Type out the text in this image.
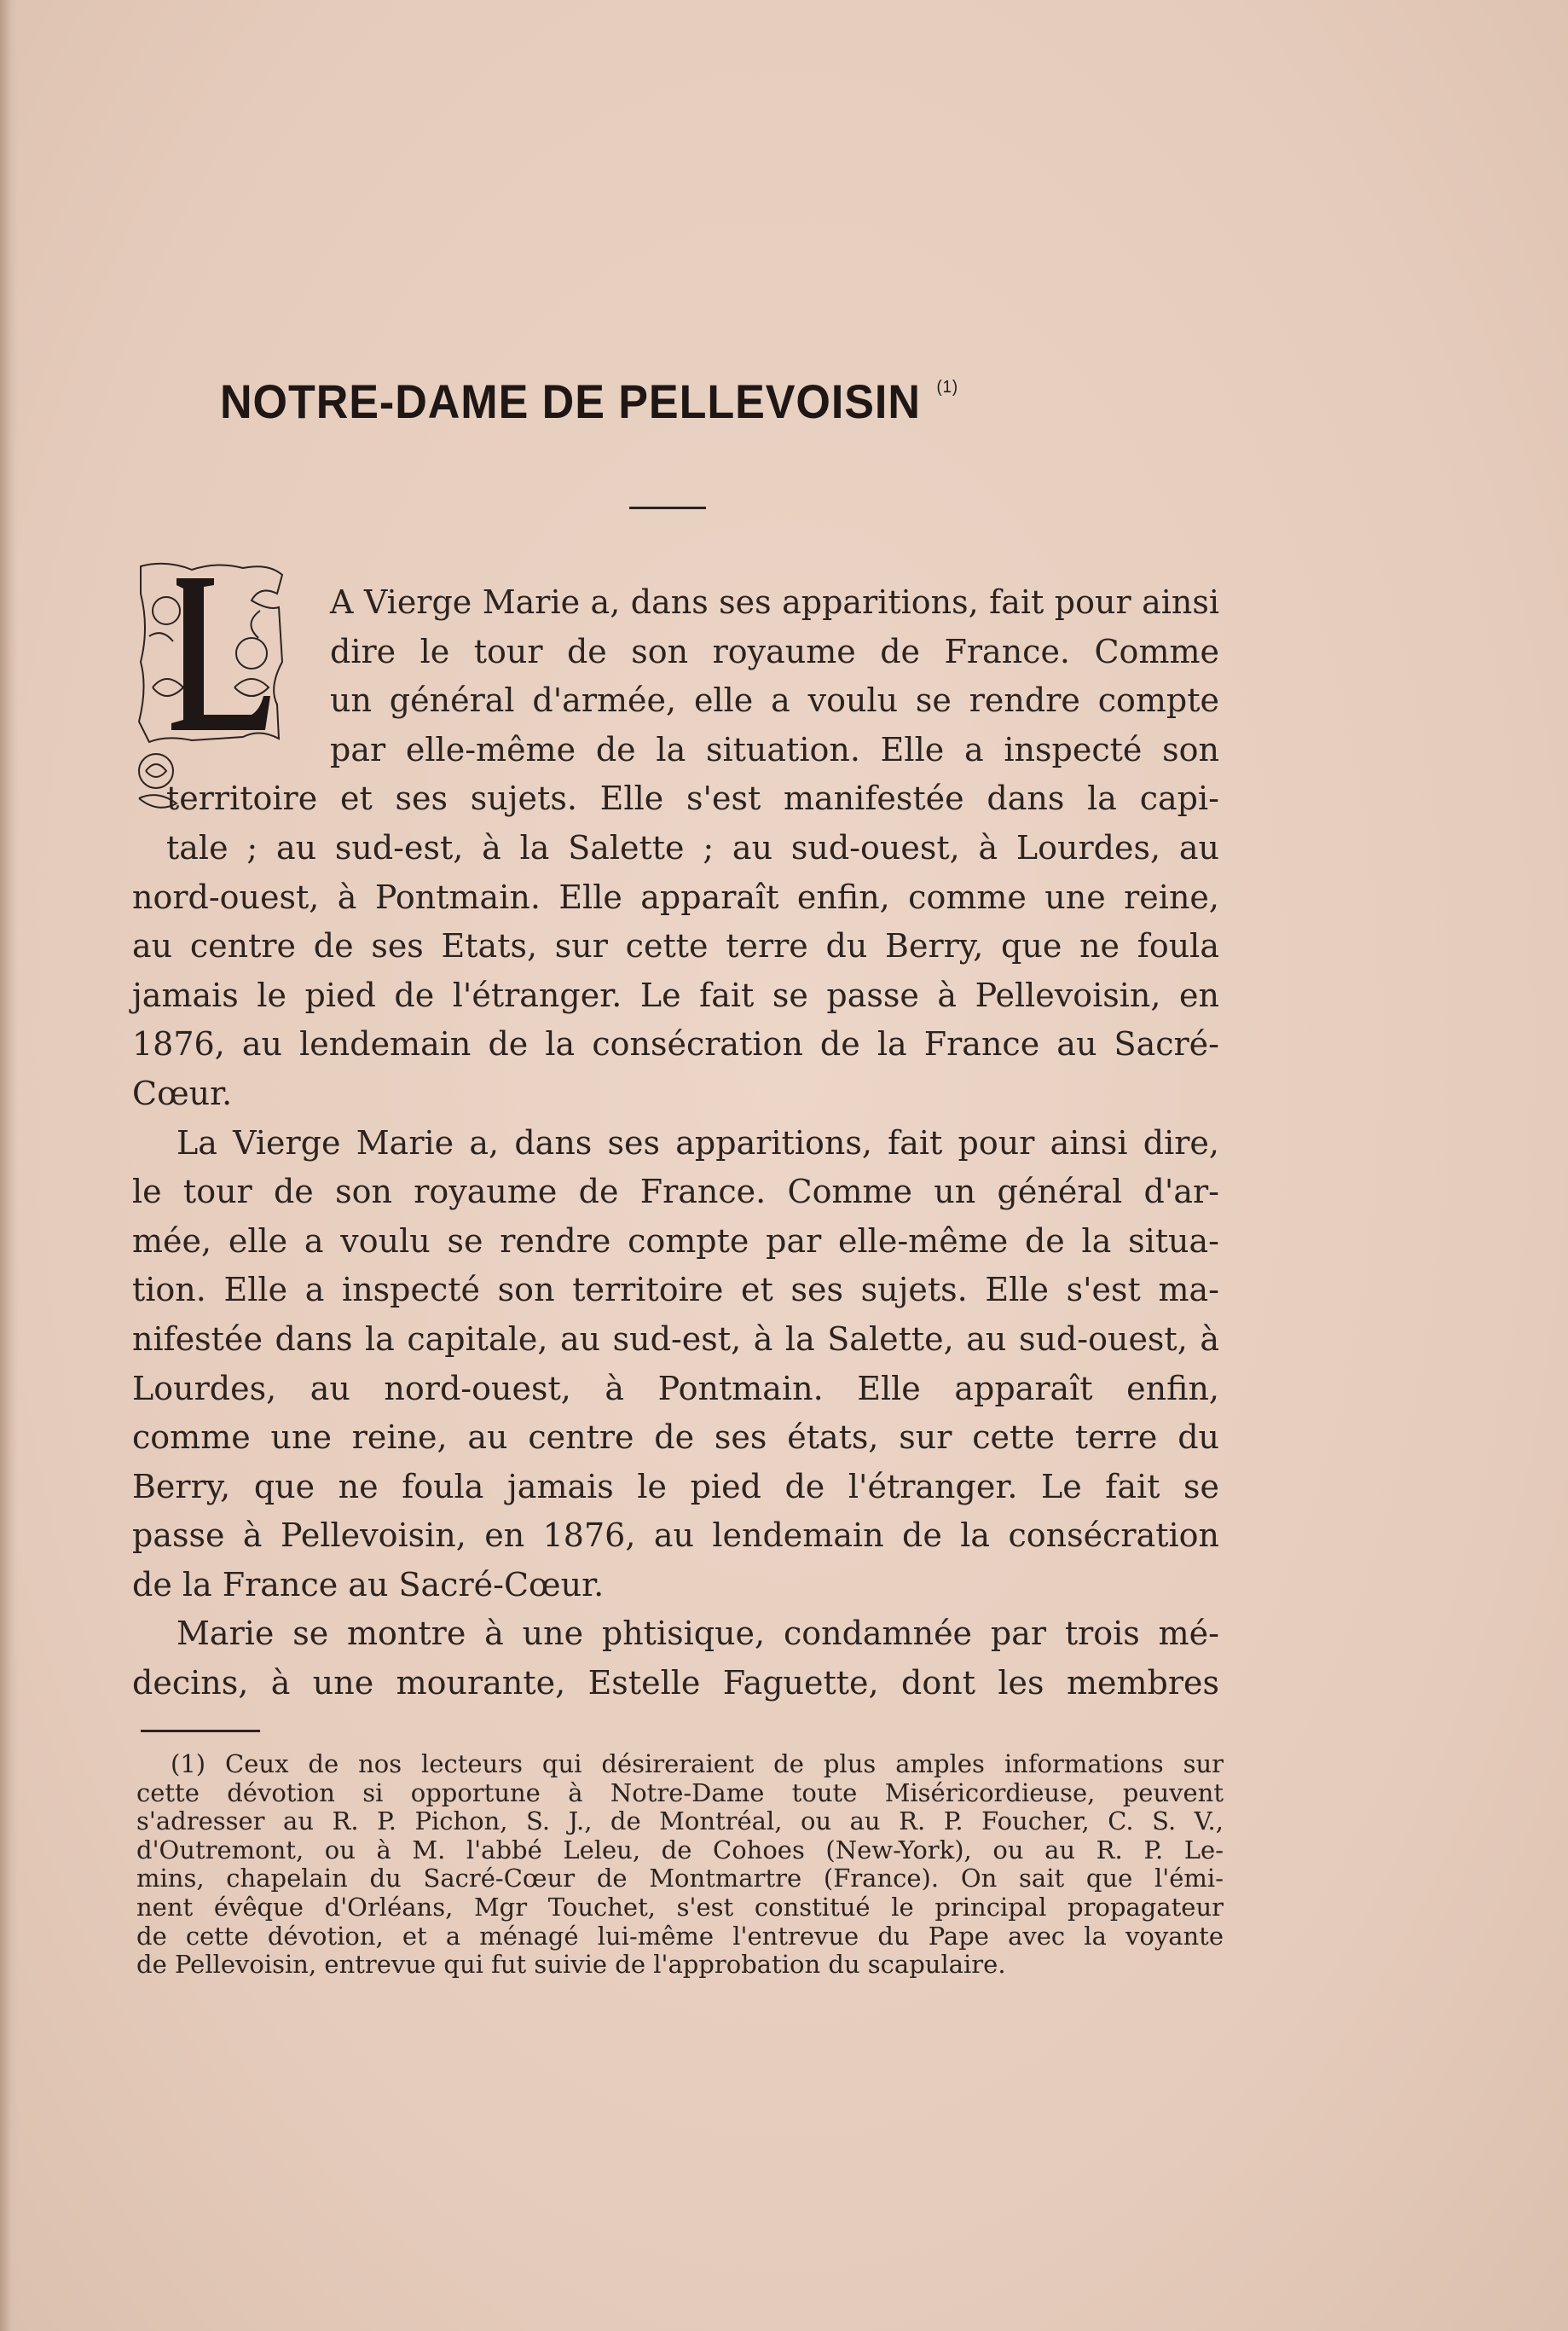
NOTRE-DAME DE PELLEVOISIN $^{(1)}$
L
A Vierge Marie a, dans ses apparitions, fait pour ainsi
dire le tour de son royaume de France. Comme
un général d'armée, elle a voulu se rendre compte
par elle-même de la situation. Elle a inspecté son
territoire et ses sujets. Elle s'est manifestée dans la capi-
tale ; au sud-est, à la Salette ; au sud-ouest, à Lourdes, au
nord-ouest, à Pontmain. Elle apparaît enfin, comme une reine,
au centre de ses Etats, sur cette terre du Berry, que ne foula
jamais le pied de l'étranger. Le fait se passe à Pellevoisin, en
1876, au lendemain de la consécration de la France au Sacré-
Cœur.
La Vierge Marie a, dans ses apparitions, fait pour ainsi dire,
le tour de son royaume de France. Comme un général d'ar-
mée, elle a voulu se rendre compte par elle-même de la situa-
tion. Elle a inspecté son territoire et ses sujets. Elle s'est ma-
nifestée dans la capitale, au sud-est, à la Salette, au sud-ouest, à
Lourdes, au nord-ouest, à Pontmain. Elle apparaît enfin,
comme une reine, au centre de ses états, sur cette terre du
Berry, que ne foula jamais le pied de l'étranger. Le fait se
passe à Pellevoisin, en 1876, au lendemain de la consécration
de la France au Sacré-Cœur.
Marie se montre à une phtisique, condamnée par trois mé-
decins, à une mourante, Estelle Faguette, dont les membres
(1) Ceux de nos lecteurs qui désireraient de plus amples informations sur
cette dévotion si opportune à Notre-Dame toute Miséricordieuse, peuvent
s'adresser au R. P. Pichon, S. J., de Montréal, ou au R. P. Foucher, C. S. V.,
d'Outremont, ou à M. l'abbé Leleu, de Cohoes (New-York), ou au R. P. Le-
mins, chapelain du Sacré-Cœur de Montmartre (France). On sait que l'émi-
nent évêque d'Orléans, Mgr Touchet, s'est constitué le principal propagateur
de cette dévotion, et a ménagé lui-même l'entrevue du Pape avec la voyante
de Pellevoisin, entrevue qui fut suivie de l'approbation du scapulaire.
